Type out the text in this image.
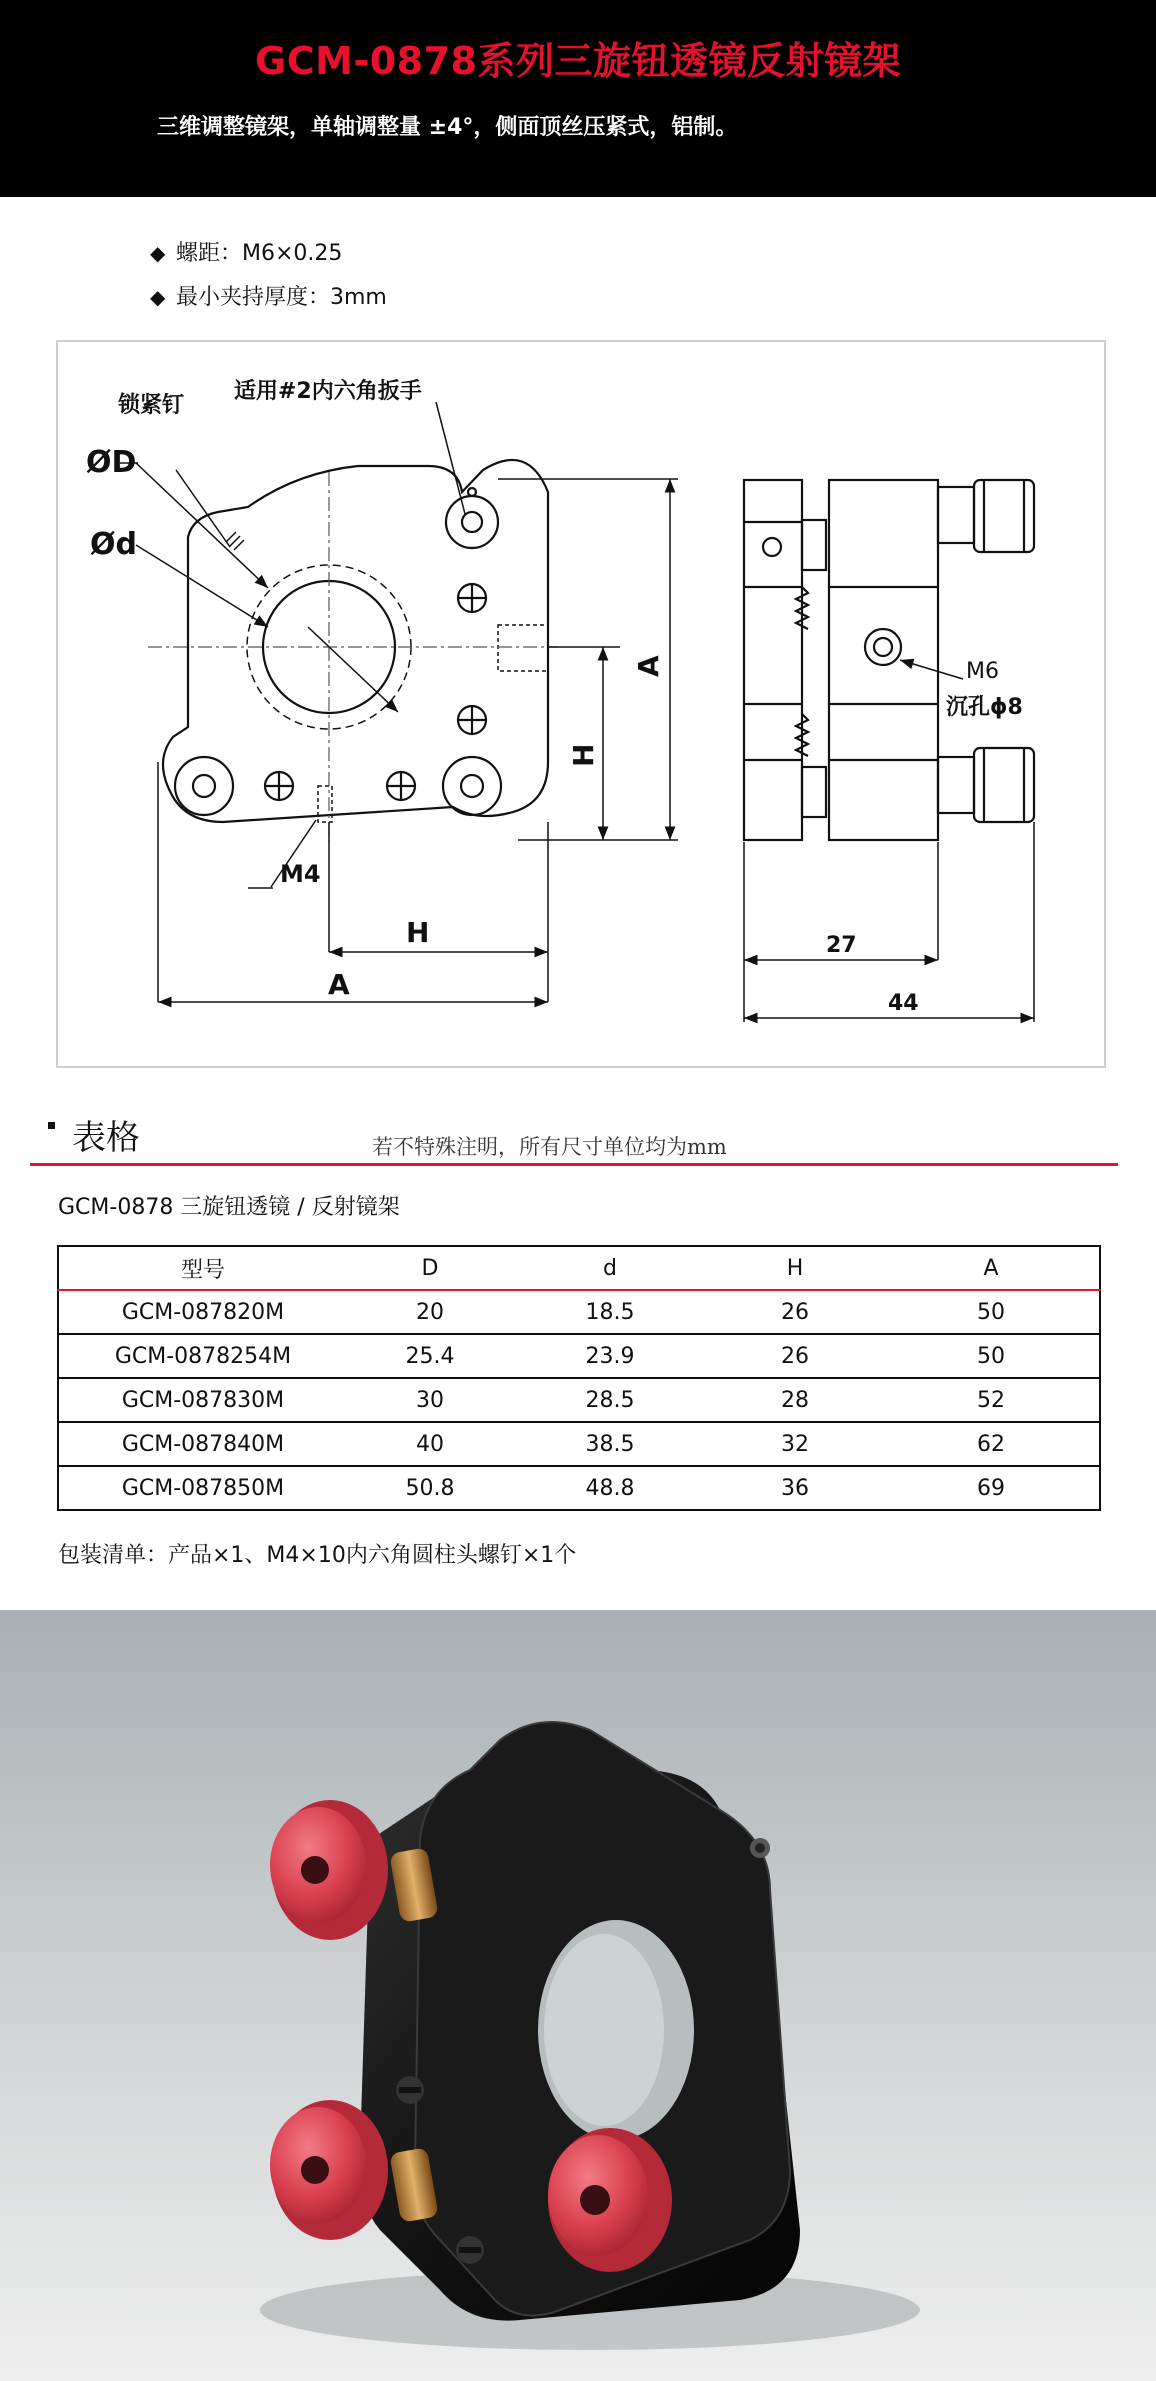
GCM-0878系列三旋钮透镜反射镜架
三维调整镜架，单轴调整量 ±4°，侧面顶丝压紧式，铝制。
◆ 螺距：M6×0.25
◆ 最小夹持厚度：3mm
适用#2内六角扳手
锁紧钉
ØD
Ød
M4
H
A
H
A	M6
沉孔ϕ8
27
44
表格	若不特殊注明，所有尺寸单位均为mm
GCM-0878 三旋钮透镜 / 反射镜架
型号	D	d	H	A
GCM-087820M	20	18.5	26	50
GCM-0878254M	25.4	23.9	26	50
GCM-087830M	30	28.5	28	52
GCM-087840M	40	38.5	32	62
GCM-087850M	50.8	48.8	36	69
包装清单：产品×1、M4×10内六角圆柱头螺钉×1个
